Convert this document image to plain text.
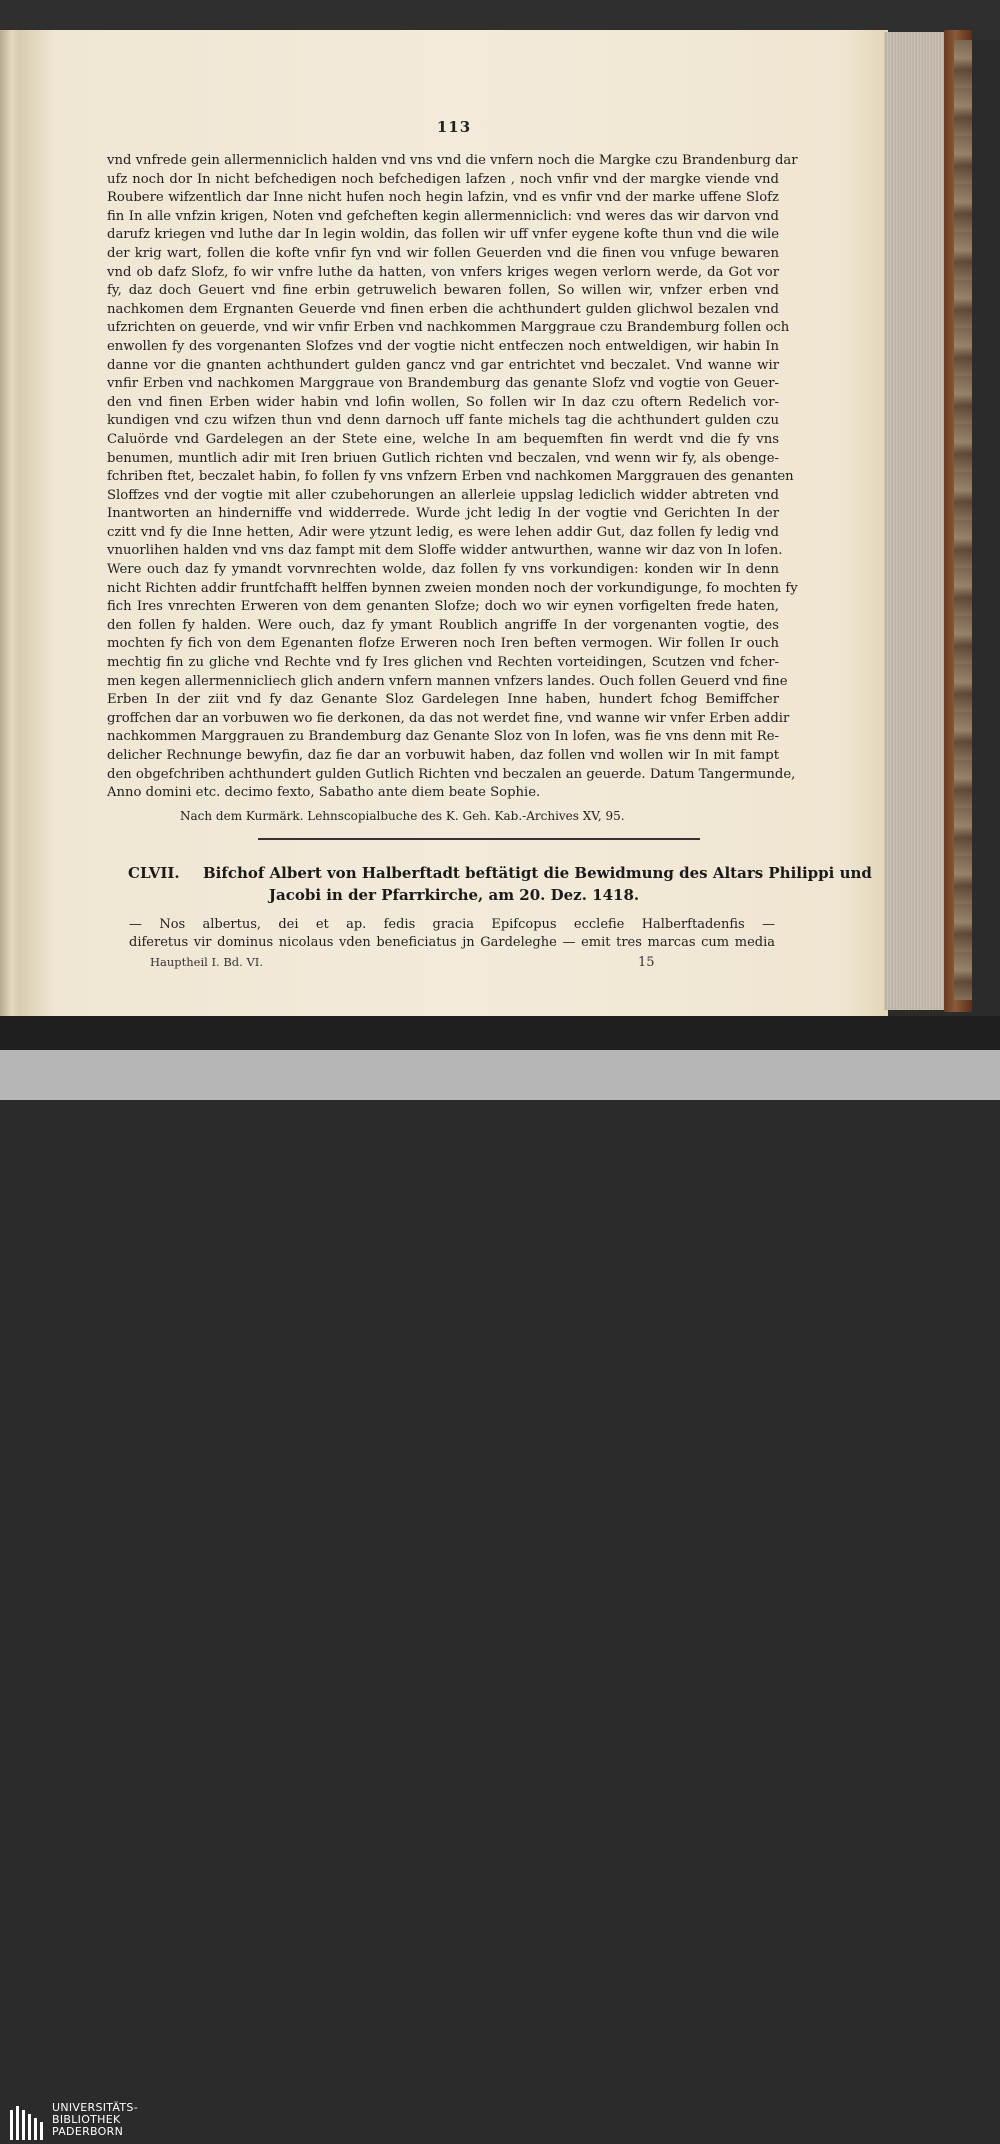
113
vnd vnfrede gein allermenniclich halden vnd vns vnd die vnfern noch die Margke czu Brandenburg dar
ufz noch dor In nicht befchedigen noch befchedigen lafzen , noch vnfir vnd der margke viende vnd
Roubere wifzentlich dar Inne nicht hufen noch hegin lafzin, vnd es vnfir vnd der marke uffene Slofz
fin In alle vnfzin krigen, Noten vnd gefcheften kegin allermenniclich: vnd weres das wir darvon vnd
darufz kriegen vnd luthe dar In legin woldin, das follen wir uff vnfer eygene kofte thun vnd die wile
der krig wart, follen die kofte vnfir fyn vnd wir follen Geuerden vnd die finen vou vnfuge bewaren
vnd ob dafz Slofz, fo wir vnfre luthe da hatten, von vnfers kriges wegen verlorn werde, da Got vor
fy, daz doch Geuert vnd fine erbin getruwelich bewaren follen, So willen wir, vnfzer erben vnd
nachkomen dem Ergnanten Geuerde vnd finen erben die achthundert gulden glichwol bezalen vnd
ufzrichten on geuerde, vnd wir vnfir Erben vnd nachkommen Marggraue czu Brandemburg follen och
enwollen fy des vorgenanten Slofzes vnd der vogtie nicht entfeczen noch entweldigen, wir habin In
danne vor die gnanten achthundert gulden gancz vnd gar entrichtet vnd beczalet. Vnd wanne wir
vnfir Erben vnd nachkomen Marggraue von Brandemburg das genante Slofz vnd vogtie von Geuer-
den vnd finen Erben wider habin vnd lofin wollen, So follen wir In daz czu oftern Redelich vor-
kundigen vnd czu wifzen thun vnd denn darnoch uff fante michels tag die achthundert gulden czu
Caluörde vnd Gardelegen an der Stete eine, welche In am bequemften fin werdt vnd die fy vns
benumen, muntlich adir mit Iren briuen Gutlich richten vnd beczalen, vnd wenn wir fy, als obenge-
fchriben ftet, beczalet habin, fo follen fy vns vnfzern Erben vnd nachkomen Marggrauen des genanten
Sloffzes vnd der vogtie mit aller czubehorungen an allerleie uppslag lediclich widder abtreten vnd
Inantworten an hinderniffe vnd widderrede. Wurde jcht ledig In der vogtie vnd Gerichten In der
czitt vnd fy die Inne hetten, Adir were ytzunt ledig, es were lehen addir Gut, daz follen fy ledig vnd
vnuorlihen halden vnd vns daz fampt mit dem Sloffe widder antwurthen, wanne wir daz von In lofen.
Were ouch daz fy ymandt vorvnrechten wolde, daz follen fy vns vorkundigen: konden wir In denn
nicht Richten addir fruntfchafft helffen bynnen zweien monden noch der vorkundigunge, fo mochten fy
fich Ires vnrechten Erweren von dem genanten Slofze; doch wo wir eynen vorfigelten frede haten,
den follen fy halden. Were ouch, daz fy ymant Roublich angriffe In der vorgenanten vogtie, des
mochten fy fich von dem Egenanten flofze Erweren noch Iren beften vermogen. Wir follen Ir ouch
mechtig fin zu gliche vnd Rechte vnd fy Ires glichen vnd Rechten vorteidingen, Scutzen vnd fcher-
men kegen allermennicliech glich andern vnfern mannen vnfzers landes. Ouch follen Geuerd vnd fine
Erben In der ziit vnd fy daz Genante Sloz Gardelegen Inne haben, hundert fchog Bemiffcher
groffchen dar an vorbuwen wo fie derkonen, da das not werdet fine, vnd wanne wir vnfer Erben addir
nachkommen Marggrauen zu Brandemburg daz Genante Sloz von In lofen, was fie vns denn mit Re-
delicher Rechnunge bewyfin, daz fie dar an vorbuwit haben, daz follen vnd wollen wir In mit fampt
den obgefchriben achthundert gulden Gutlich Richten vnd beczalen an geuerde. Datum Tangermunde,
Anno domini etc. decimo fexto, Sabatho ante diem beate Sophie.
Nach dem Kurmärk. Lehnscopialbuche des K. Geh. Kab.-Archives XV, 95.
CLVII. Bifchof Albert von Halberftadt beftätigt die Bewidmung des Altars Philippi und
Jacobi in der Pfarrkirche, am 20. Dez. 1418.
— Nos albertus, dei et ap. fedis gracia Epifcopus ecclefie Halberftadenfis —
diferetus vir dominus nicolaus vden beneficiatus jn Gardeleghe — emit tres marcas cum media
Hauptheil I. Bd. VI.	15
UNIVERSITÄTS-
BIBLIOTHEK
PADERBORN
